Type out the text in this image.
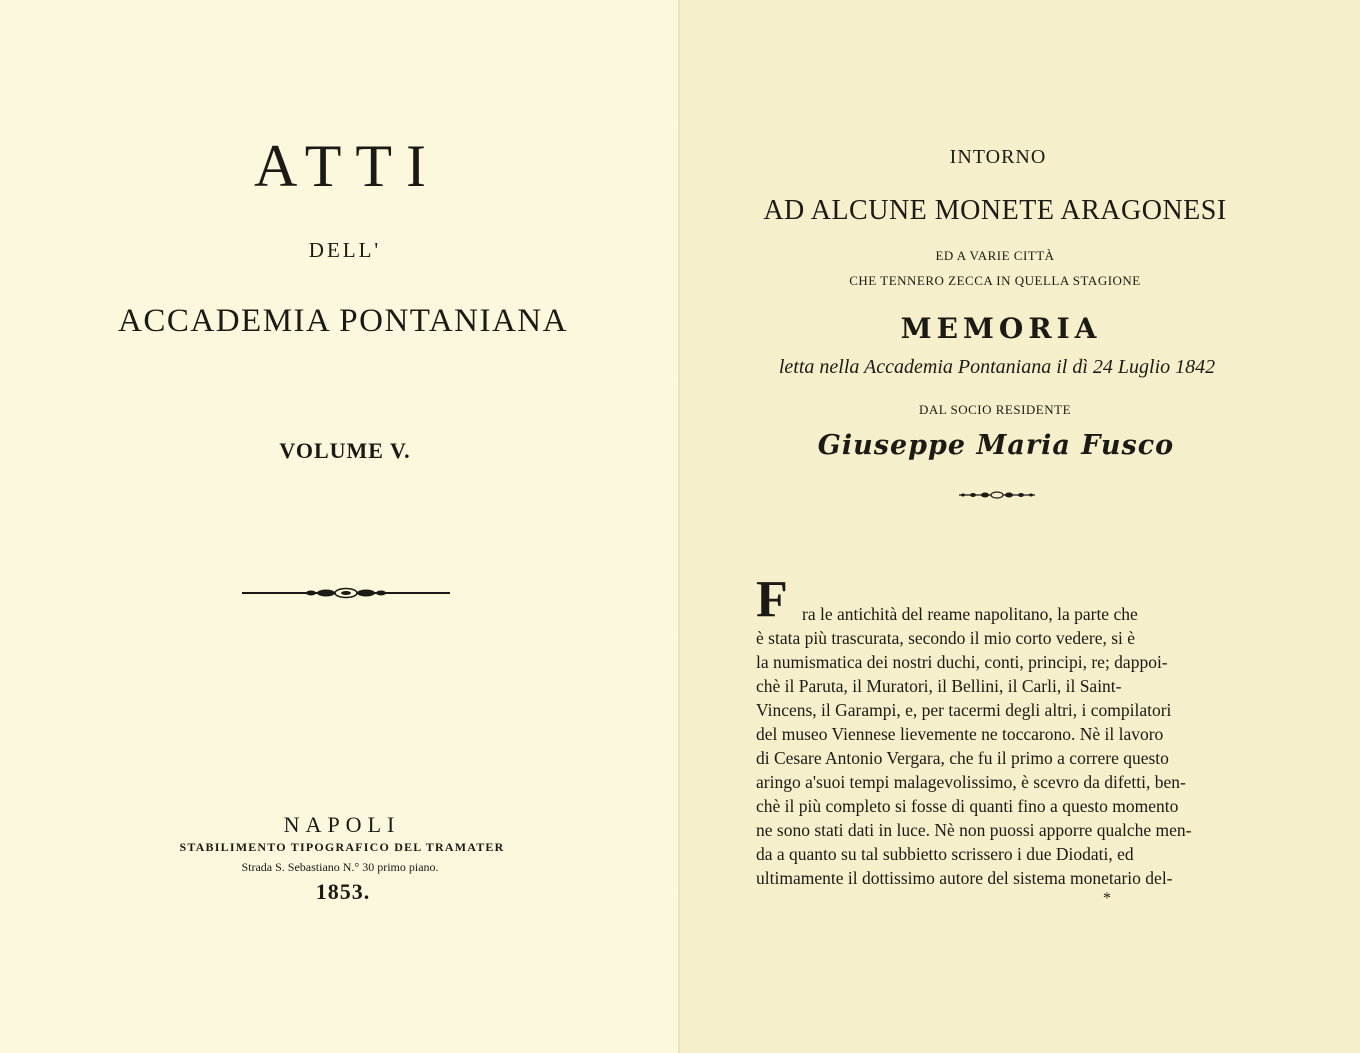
ATTI
DELL'
ACCADEMIA PONTANIANA
VOLUME V.
NAPOLI
STABILIMENTO TIPOGRAFICO DEL TRAMATER
Strada S. Sebastiano N.° 30 primo piano.
1853.
INTORNO
AD ALCUNE MONETE ARAGONESI
ED A VARIE CITTÀ
CHE TENNERO ZECCA IN QUELLA STAGIONE
MEMORIA
letta nella Accademia Pontaniana il dì 24 Luglio 1842
DAL SOCIO RESIDENTE
Giuseppe Maria Fusco
F ra le antichità del reame napolitano, la parte che
è stata più trascurata, secondo il mio corto vedere, si è
la numismatica dei nostri duchi, conti, principi, re; dappoi-
chè il Paruta, il Muratori, il Bellini, il Carli, il Saint-
Vincens, il Garampi, e, per tacermi degli altri, i compilatori
del museo Viennese lievemente ne toccarono. Nè il lavoro
di Cesare Antonio Vergara, che fu il primo a correre questo
aringo a'suoi tempi malagevolissimo, è scevro da difetti, ben-
chè il più completo si fosse di quanti fino a questo momento
ne sono stati dati in luce. Nè non puossi apporre qualche men-
da a quanto su tal subbietto scrissero i due Diodati, ed
ultimamente il dottissimo autore del sistema monetario del-
*
